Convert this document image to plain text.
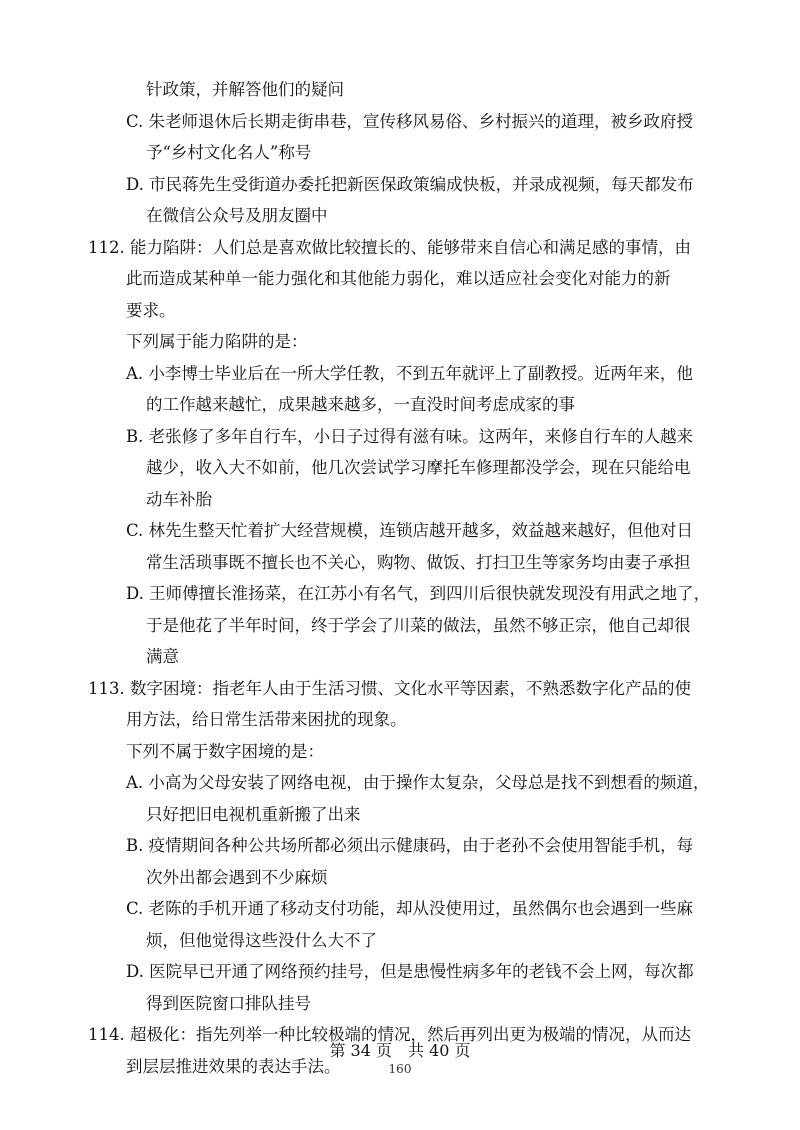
针政策，并解答他们的疑问
C. 朱老师退休后长期走街串巷，宣传移风易俗、乡村振兴的道理，被乡政府授
予“乡村文化名人”称号
D. 市民蒋先生受街道办委托把新医保政策编成快板，并录成视频，每天都发布
在微信公众号及朋友圈中
112. 能力陷阱：人们总是喜欢做比较擅长的、能够带来自信心和满足感的事情，由
此而造成某种单一能力强化和其他能力弱化，难以适应社会变化对能力的新
要求。
下列属于能力陷阱的是：
A. 小李博士毕业后在一所大学任教，不到五年就评上了副教授。近两年来，他
的工作越来越忙，成果越来越多，一直没时间考虑成家的事
B. 老张修了多年自行车，小日子过得有滋有味。这两年，来修自行车的人越来
越少，收入大不如前，他几次尝试学习摩托车修理都没学会，现在只能给电
动车补胎
C. 林先生整天忙着扩大经营规模，连锁店越开越多，效益越来越好，但他对日
常生活琐事既不擅长也不关心，购物、做饭、打扫卫生等家务均由妻子承担
D. 王师傅擅长淮扬菜，在江苏小有名气，到四川后很快就发现没有用武之地了，
于是他花了半年时间，终于学会了川菜的做法，虽然不够正宗，他自己却很
满意
113. 数字困境：指老年人由于生活习惯、文化水平等因素，不熟悉数字化产品的使
用方法，给日常生活带来困扰的现象。
下列不属于数字困境的是：
A. 小高为父母安装了网络电视，由于操作太复杂，父母总是找不到想看的频道，
只好把旧电视机重新搬了出来
B. 疫情期间各种公共场所都必须出示健康码，由于老孙不会使用智能手机，每
次外出都会遇到不少麻烦
C. 老陈的手机开通了移动支付功能，却从没使用过，虽然偶尔也会遇到一些麻
烦，但他觉得这些没什么大不了
D. 医院早已开通了网络预约挂号，但是患慢性病多年的老钱不会上网，每次都
得到医院窗口排队挂号
114. 超极化：指先列举一种比较极端的情况，然后再列出更为极端的情况，从而达
到层层推进效果的表达手法。
第 34 页　共 40 页
160
